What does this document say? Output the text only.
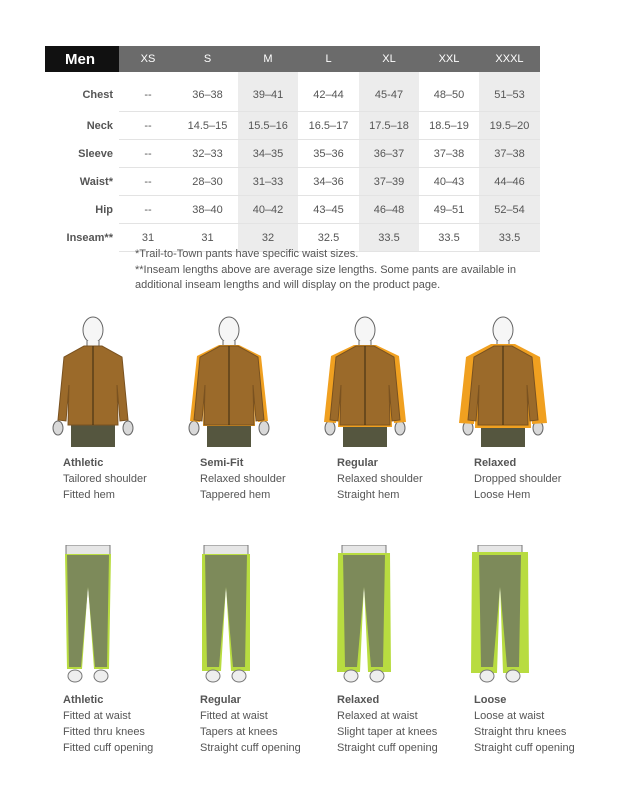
Men	XS	S	M	L	XL	XXL	XXXL
Chest	--	36–38	39–41	42–44	45-47	48–50	51–53
Neck	--	14.5–15	15.5–16	16.5–17	17.5–18	18.5–19	19.5–20
Sleeve	--	32–33	34–35	35–36	36–37	37–38	37–38
Waist*	--	28–30	31–33	34–36	37–39	40–43	44–46
Hip	--	38–40	40–42	43–45	46–48	49–51	52–54
Inseam**	31	31	32	32.5	33.5	33.5	33.5

*Trail-to-Town pants have specific waist sizes.

**Inseam lengths above are average size lengths. Some pants are available in additional inseam lengths and will display on the product page.

Athletic
Tailored shoulder
Fitted hem
Semi-Fit
Relaxed shoulder
Tappered hem
Regular
Relaxed shoulder
Straight hem
Relaxed
Dropped shoulder
Loose Hem
Athletic
Fitted at waist
Fitted thru knees
Fitted cuff opening
Regular
Fitted at waist
Tapers at knees
Straight cuff opening
Relaxed
Relaxed at waist
Slight taper at knees
Straight cuff opening
Loose
Loose at waist
Straight thru knees
Straight cuff opening
